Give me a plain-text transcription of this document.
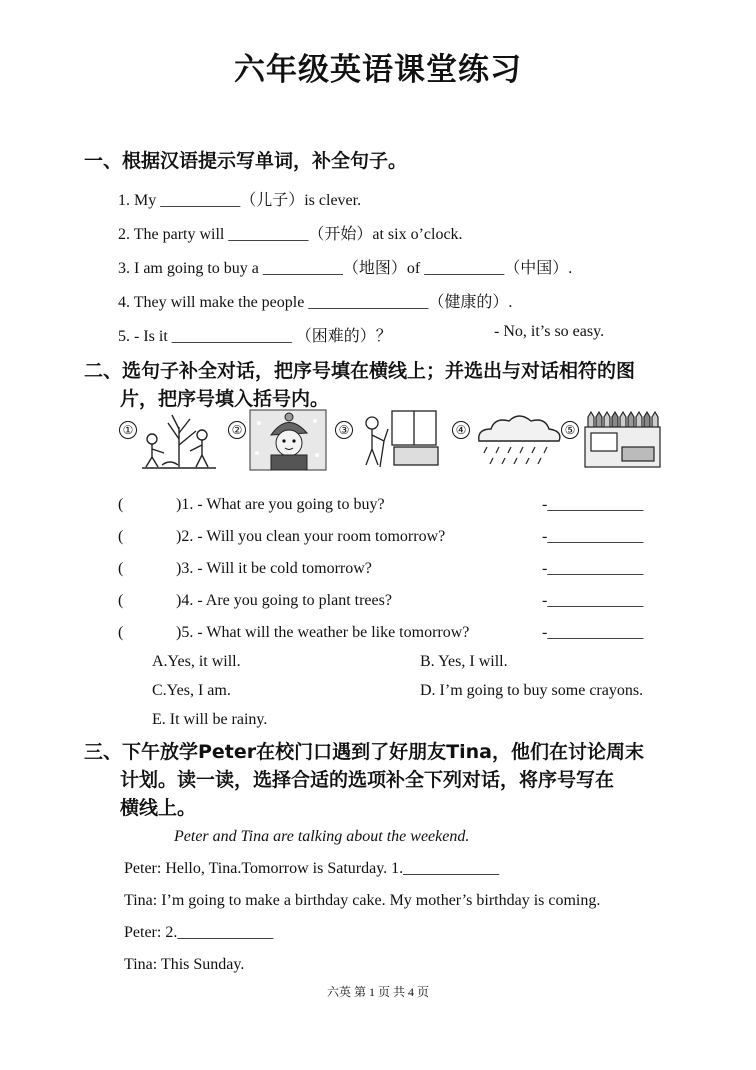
六年级英语课堂练习
一、根据汉语提示写单词，补全句子。
1. My __________（儿子）is clever.
2. The party will __________（开始）at six o’clock.
3. I am going to buy a __________（地图）of __________（中国）.
4. They will make the people _______________（健康的）.
5. - Is it _______________ （困难的）？	- No, it’s so easy.
二、选句子补全对话，把序号填在横线上；并选出与对话相符的图
片，把序号填入括号内。
①	②	③	④	⑤
(	)1. - What are you going to buy?	-____________
(	)2. - Will you clean your room tomorrow?	-____________
(	)3. - Will it be cold tomorrow?	-____________
(	)4. - Are you going to plant trees?	-____________
(	)5. - What will the weather be like tomorrow?	-____________
A.Yes, it will.	B. Yes, I will.
C.Yes, I am.	D. I’m going to buy some crayons.
E. It will be rainy.
三、下午放学Peter在校门口遇到了好朋友Tina，他们在讨论周末
计划。读一读，选择合适的选项补全下列对话，将序号写在
横线上。
Peter and Tina are talking about the weekend.
Peter: Hello, Tina.Tomorrow is Saturday. 1.____________
Tina: I’m going to make a birthday cake. My mother’s birthday is coming.
Peter: 2.____________
Tina: This Sunday.
六英 第 1 页 共 4 页
